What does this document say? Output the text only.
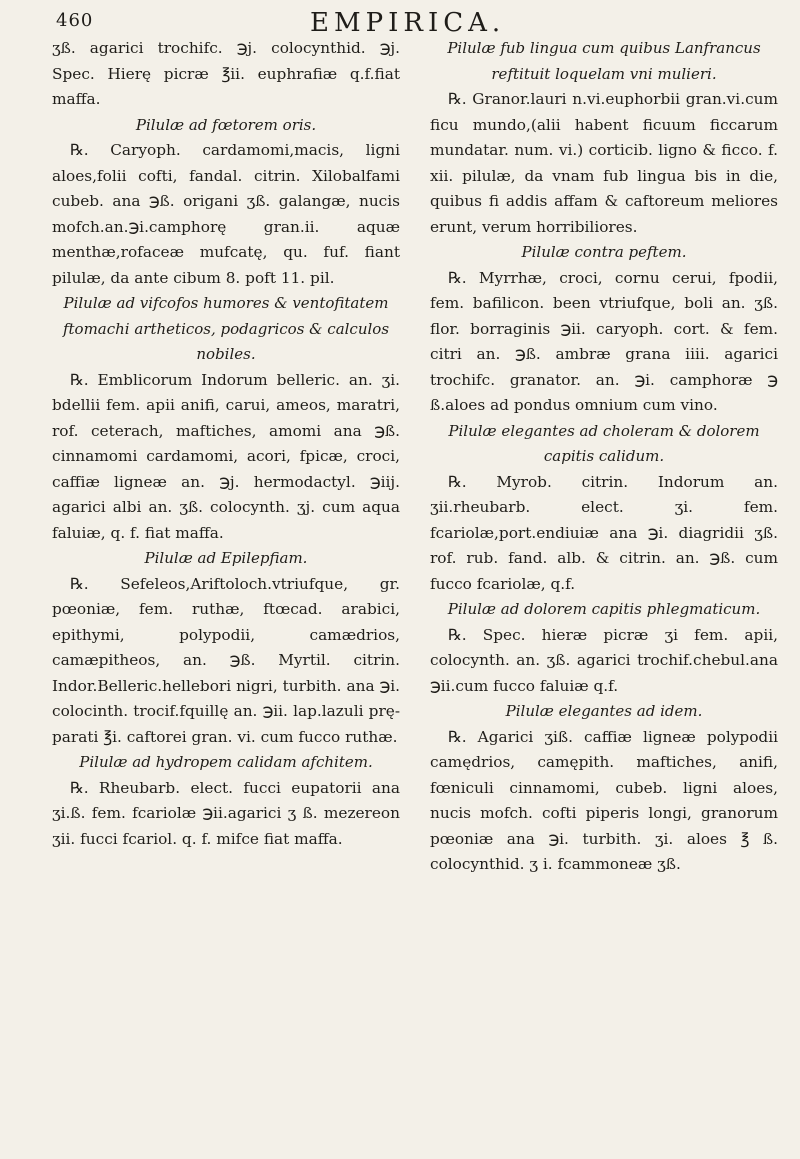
460	EMPIRICA.

ʒß. agarici trochifc. ℈j. colocynthid. ℈j. Spec. Hierę picræ ℥ii. euphrafiæ q.f.fiat maffa.

Pilulæ ad fœtorem oris.

℞. Caryoph. cardamomi,macis, ligni aloes,folii cofti, fandal. citrin. Xilobalfami cubeb. ana ℈ß. origani ʒß. galangæ, nucis mofch.an.℈i.camphorę gran.ii. aquæ menthæ,rofaceæ mufcatę, qu. fuf. fiant pilulæ, da ante cibum 8. poft 11. pil.

Pilulæ ad vifcofos humores & ventofitatem ftomachi artheticos, podagricos & calculos nobiles.

℞. Emblicorum Indorum belleric. an. ʒi. bdellii fem. apii anifi, carui, ameos, maratri, rof. ceterach, maftiches, amomi ana ℈ß. cinnamomi cardamomi, acori, fpicæ, croci, caffiæ ligneæ an. ℈j. hermodactyl. ℈iij. agarici albi an. ʒß. colocynth. ʒj. cum aqua faluiæ, q. f. fiat maffa.

Pilulæ ad Epilepfiam.

℞. Sefeleos,Ariftoloch.vtriufque, gr. pœoniæ, fem. ruthæ, ftœcad. arabici, epithymi, polypodii, camædrios, camæpitheos, an. ℈ß. Myrtil. citrin. Indor.Belleric.hellebori nigri, turbith. ana ℈i. colocinth. trocif.fquillę an. ℈ii. lap.lazuli prę-parati ℥i. caftorei gran. vi. cum fucco ruthæ.

Pilulæ ad hydropem calidam afchitem.

℞. Rheubarb. elect. fucci eupatorii ana ʒi.ß. fem. fcariolæ ℈ii.agarici ʒ ß. mezereon ʒii. fucci fcariol. q. f. mifce fiat maffa.

Pilulæ fub lingua cum quibus Lanfrancus reftituit loquelam vni mulieri.

℞. Granor.lauri n.vi.euphorbii gran.vi.cum ficu mundo,(alii habent ficuum ficcarum mundatar. num. vi.) corticib. ligno & ficco. f. xii. pilulæ, da vnam fub lingua bis in die, quibus fi addis affam & caftoreum meliores erunt, verum horribiliores.

Pilulæ contra peftem.

℞. Myrrhæ, croci, cornu cerui, fpodii, fem. bafilicon. been vtriufque, boli an. ʒß. flor. borraginis ℈ii. caryoph. cort. & fem. citri an. ℈ß. ambræ grana iiii. agarici trochifc. granator. an. ℈i. camphoræ ℈ ß.aloes ad pondus omnium cum vino.

Pilulæ elegantes ad choleram & dolorem capitis calidum.

℞. Myrob. citrin. Indorum an. ʒii.rheubarb. elect. ʒi. fem. fcariolæ,port.endiuiæ ana ℈i. diagridii ʒß. rof. rub. fand. alb. & citrin. an. ℈ß. cum fucco fcariolæ, q.f.

Pilulæ ad dolorem capitis phlegmaticum.

℞. Spec. hieræ picræ ʒi fem. apii, colocynth. an. ʒß. agarici trochif.chebul.ana ℈ii.cum fucco faluiæ q.f.

Pilulæ elegantes ad idem.

℞. Agarici ʒiß. caffiæ ligneæ polypodii camędrios, camępith. maftiches, anifi, fœniculi cinnamomi, cubeb. ligni aloes, nucis mofch. cofti piperis longi, granorum pœoniæ ana ℈i. turbith. ʒi. aloes ℥ ß. colocynthid. ʒ i. fcammoneæ ʒß.
